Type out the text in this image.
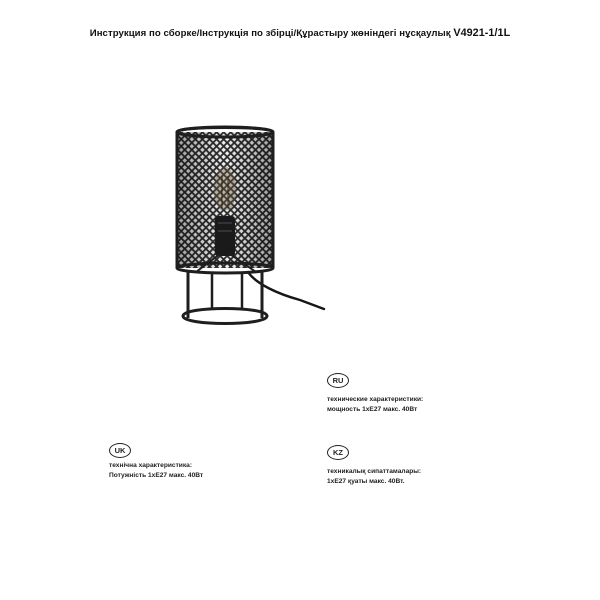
Инструкция по сборке/Інструкція по збірці/Құрастыру жөніндегі нұсқаулық V4921-1/1L
RU
технические характеристики:
мощность 1хЕ27 макс. 40Вт
UK
технічна характеристика:
Потужність 1хЕ27 макс. 40Вт
KZ
техникалық сипаттамалары:
1хЕ27 қуаты макс. 40Вт.
